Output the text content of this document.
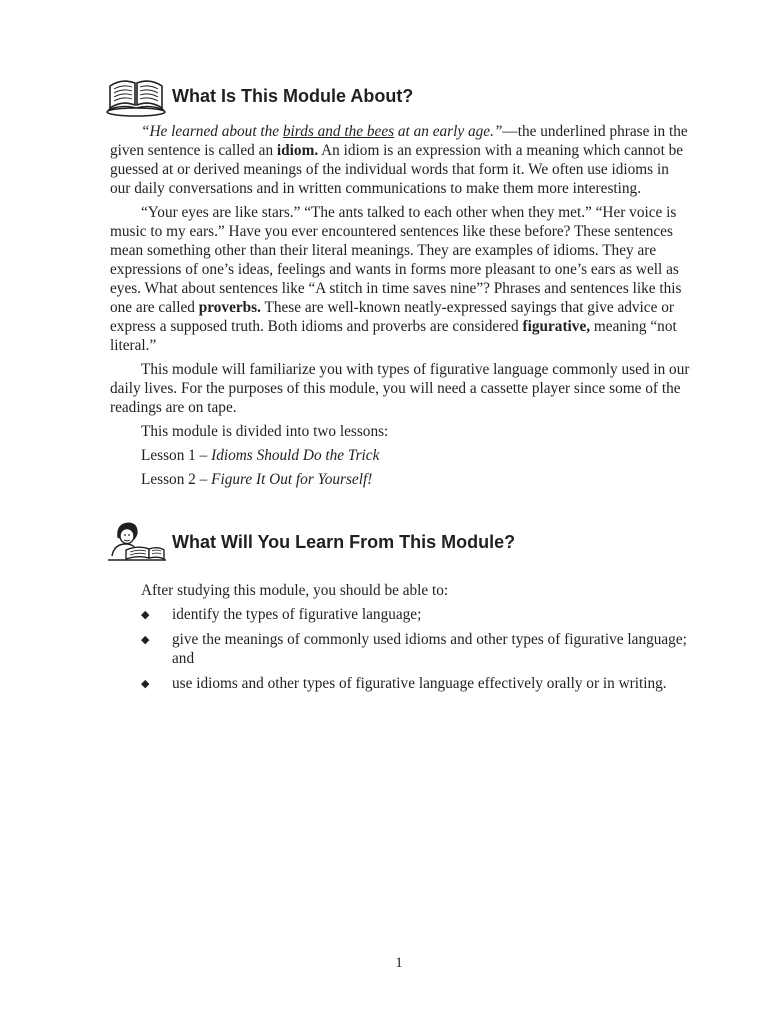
What Is This Module About?

“He learned about the birds and the bees at an early age.”—the underlined phrase in the given sentence is called an idiom. An idiom is an expression with a meaning which cannot be guessed at or derived meanings of the individual words that form it. We often use idioms in our daily conversations and in written communications to make them more interesting.

“Your eyes are like stars.” “The ants talked to each other when they met.” “Her voice is music to my ears.” Have you ever encountered sentences like these before? These sentences mean something other than their literal meanings. They are examples of idioms. They are expressions of one’s ideas, feelings and wants in forms more pleasant to one’s ears as well as eyes. What about sentences like “A stitch in time saves nine”? Phrases and sentences like this one are called proverbs. These are well-known neatly-expressed sayings that give advice or express a supposed truth. Both idioms and proverbs are considered figurative, meaning “not literal.”

This module will familiarize you with types of figurative language commonly used in our daily lives. For the purposes of this module, you will need a cassette player since some of the readings are on tape.

This module is divided into two lessons:

Lesson 1 – Idioms Should Do the Trick

Lesson 2 – Figure It Out for Yourself!

What Will You Learn From This Module?

After studying this module, you should be able to:

◆ identify the types of figurative language;
◆ give the meanings of commonly used idioms and other types of figurative language; and
◆ use idioms and other types of figurative language effectively orally or in writing.
1
